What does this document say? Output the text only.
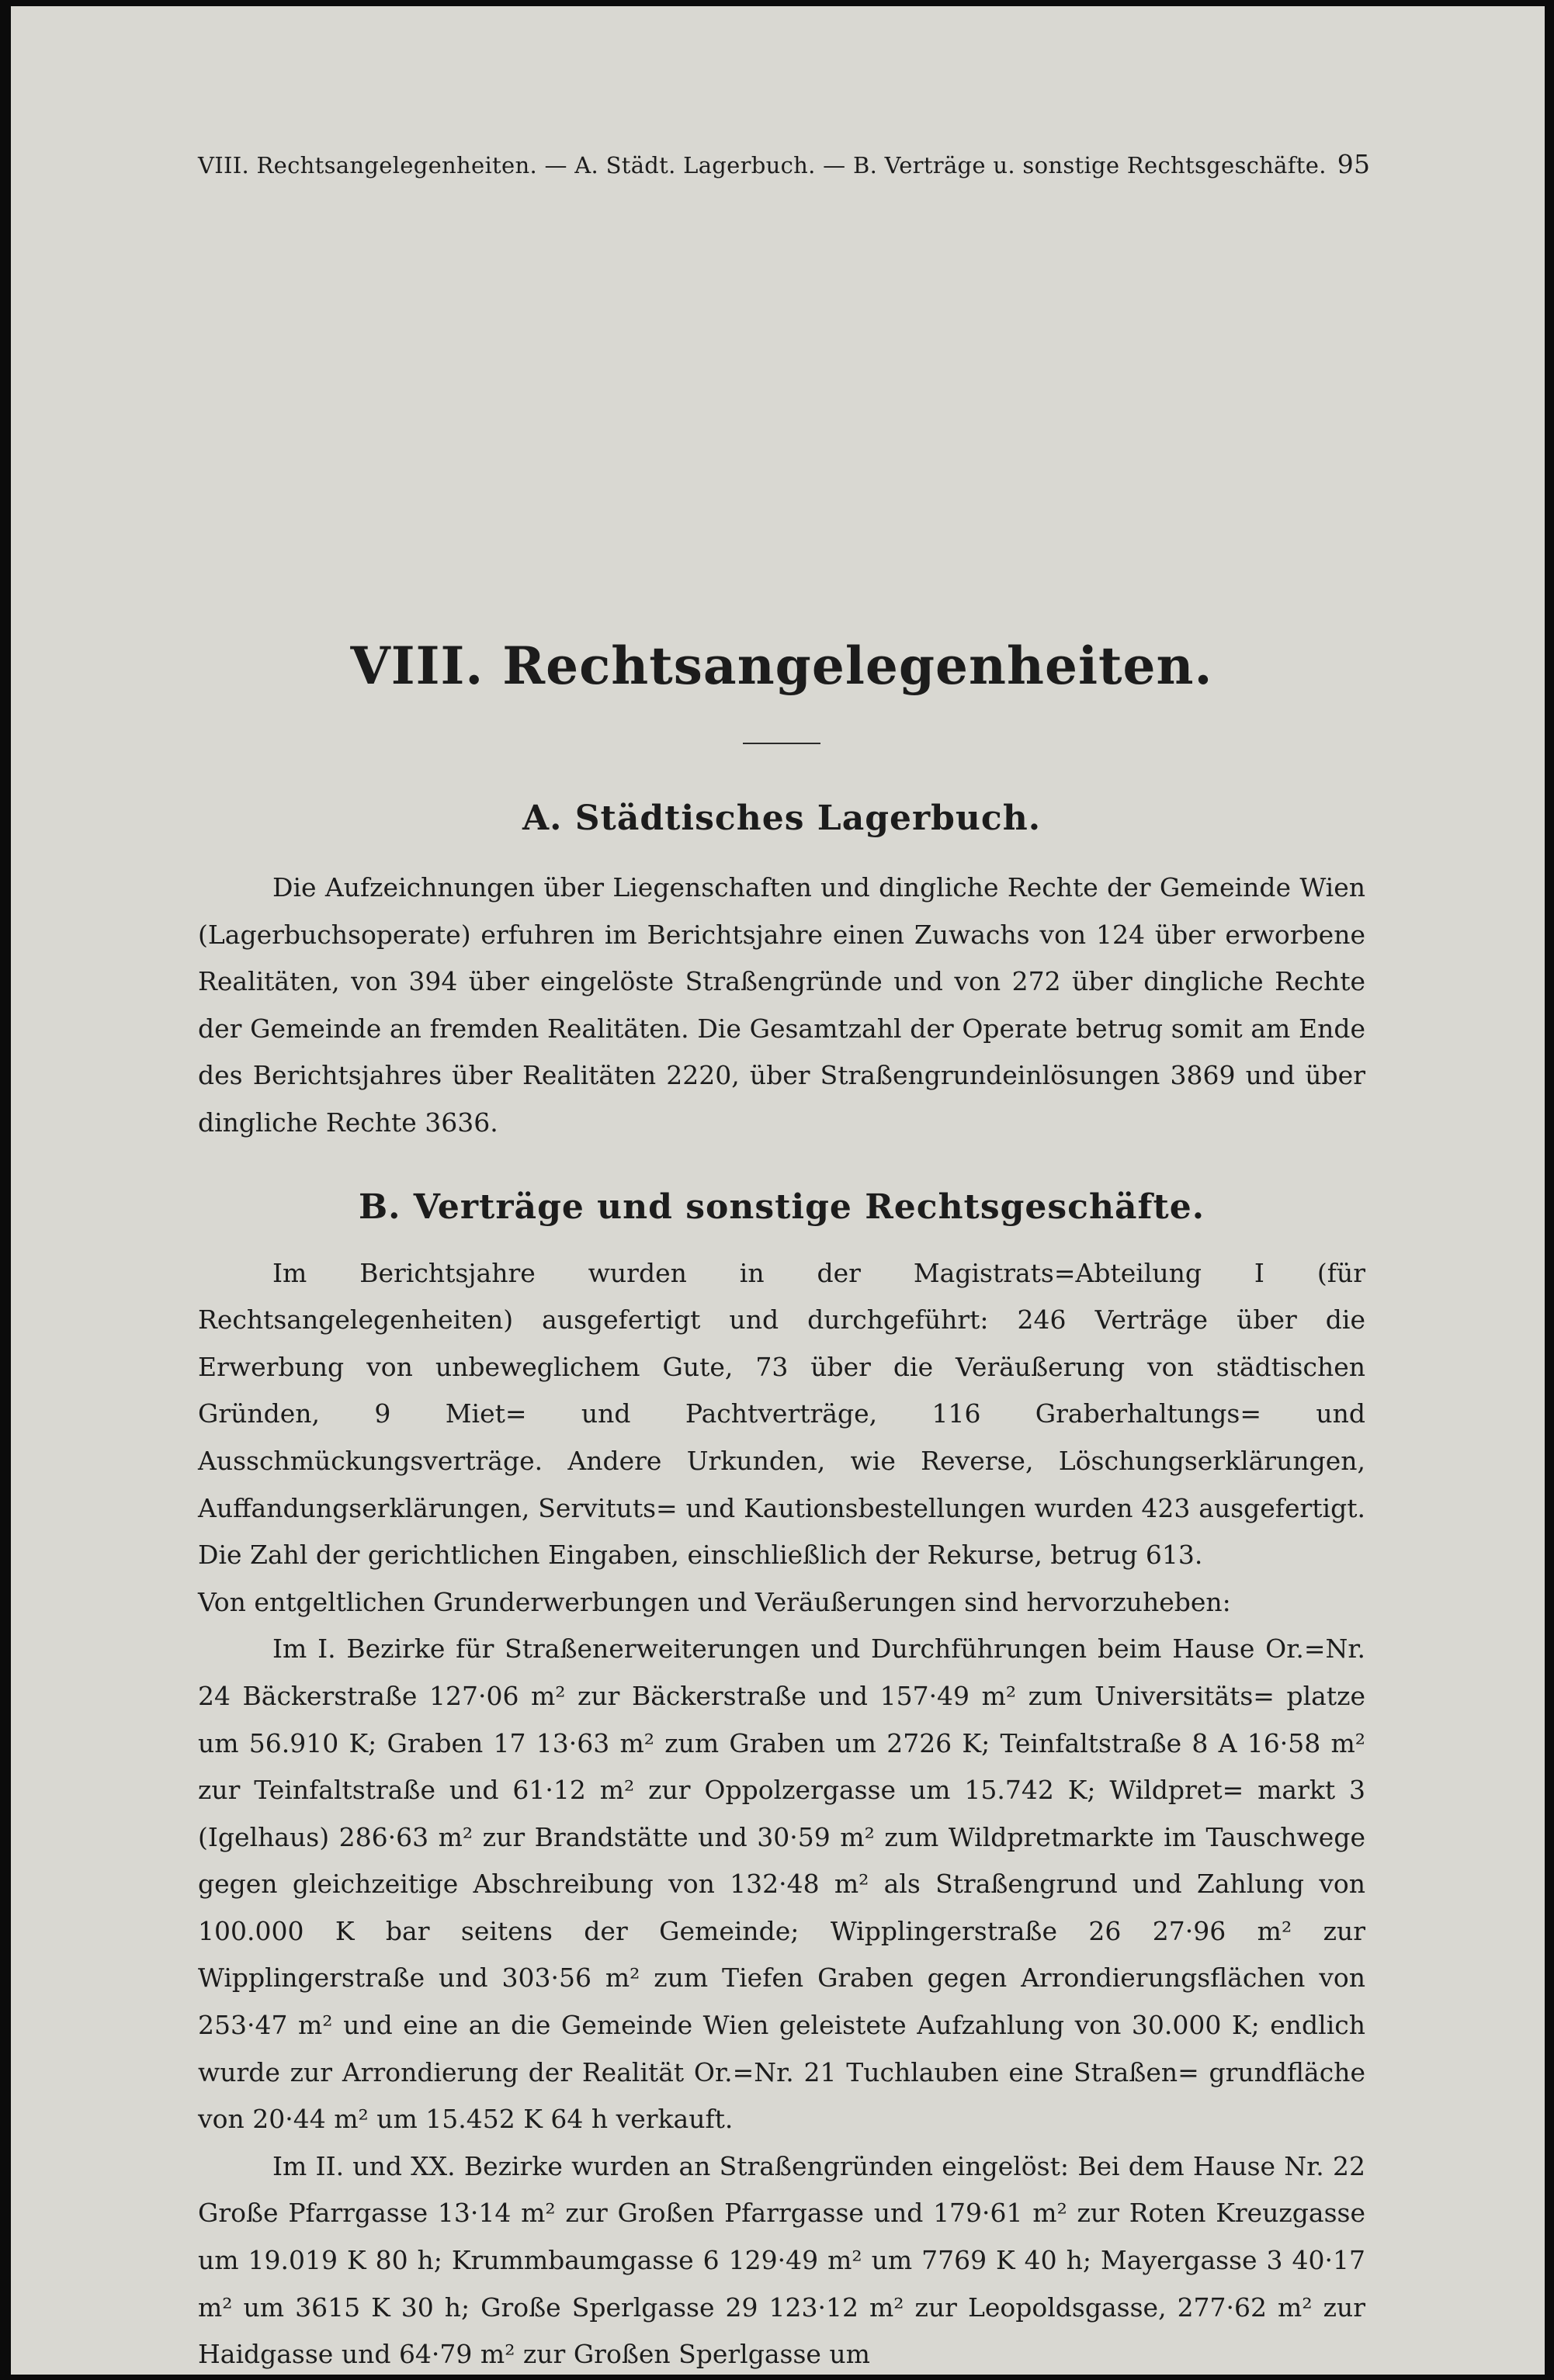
VIII. Rechtsangelegenheiten. — A. Städt. Lagerbuch. — B. Verträge u. sonstige Rechtsgeschäfte. 95
VIII. Rechtsangelegenheiten.
A. Städtisches Lagerbuch.

Die Aufzeichnungen über Liegenschaften und dingliche Rechte der Gemeinde Wien (Lagerbuchsoperate) erfuhren im Berichtsjahre einen Zuwachs von 124 über erworbene Realitäten, von 394 über eingelöste Straßengründe und von 272 über dingliche Rechte der Gemeinde an fremden Realitäten. Die Gesamtzahl der Operate betrug somit am Ende des Berichtsjahres über Realitäten 2220, über Straßengrundeinlösungen 3869 und über dingliche Rechte 3636.

B. Verträge und sonstige Rechtsgeschäfte.

Im Berichtsjahre wurden in der Magistrats=Abteilung I (für Rechtsangelegenheiten) ausgefertigt und durchgeführt: 246 Verträge über die Erwerbung von unbeweglichem Gute, 73 über die Veräußerung von städtischen Gründen, 9 Miet= und Pachtverträge, 116 Graberhaltungs= und Ausschmückungsverträge. Andere Urkunden, wie Reverse, Löschungserklärungen, Auffandungserklärungen, Servituts= und Kautionsbestellungen wurden 423 ausgefertigt. Die Zahl der gerichtlichen Eingaben, einschließlich der Rekurse, betrug 613.

Von entgeltlichen Grunderwerbungen und Veräußerungen sind hervorzuheben:

Im I. Bezirke für Straßenerweiterungen und Durchführungen beim Hause Or.=Nr. 24 Bäckerstraße 127·06 m² zur Bäckerstraße und 157·49 m² zum Universitäts= platze um 56.910 K; Graben 17 13·63 m² zum Graben um 2726 K; Teinfaltstraße 8 A 16·58 m² zur Teinfaltstraße und 61·12 m² zur Oppolzergasse um 15.742 K; Wildpret= markt 3 (Igelhaus) 286·63 m² zur Brandstätte und 30·59 m² zum Wildpretmarkte im Tauschwege gegen gleichzeitige Abschreibung von 132·48 m² als Straßengrund und Zahlung von 100.000 K bar seitens der Gemeinde; Wipplingerstraße 26 27·96 m² zur Wipplingerstraße und 303·56 m² zum Tiefen Graben gegen Arrondierungsflächen von 253·47 m² und eine an die Gemeinde Wien geleistete Aufzahlung von 30.000 K; endlich wurde zur Arrondierung der Realität Or.=Nr. 21 Tuchlauben eine Straßen= grundfläche von 20·44 m² um 15.452 K 64 h verkauft.

Im II. und XX. Bezirke wurden an Straßengründen eingelöst: Bei dem Hause Nr. 22 Große Pfarrgasse 13·14 m² zur Großen Pfarrgasse und 179·61 m² zur Roten Kreuzgasse um 19.019 K 80 h; Krummbaumgasse 6 129·49 m² um 7769 K 40 h; Mayergasse 3 40·17 m² um 3615 K 30 h; Große Sperlgasse 29 123·12 m² zur Leopoldsgasse, 277·62 m² zur Haidgasse und 64·79 m² zur Großen Sperlgasse um
